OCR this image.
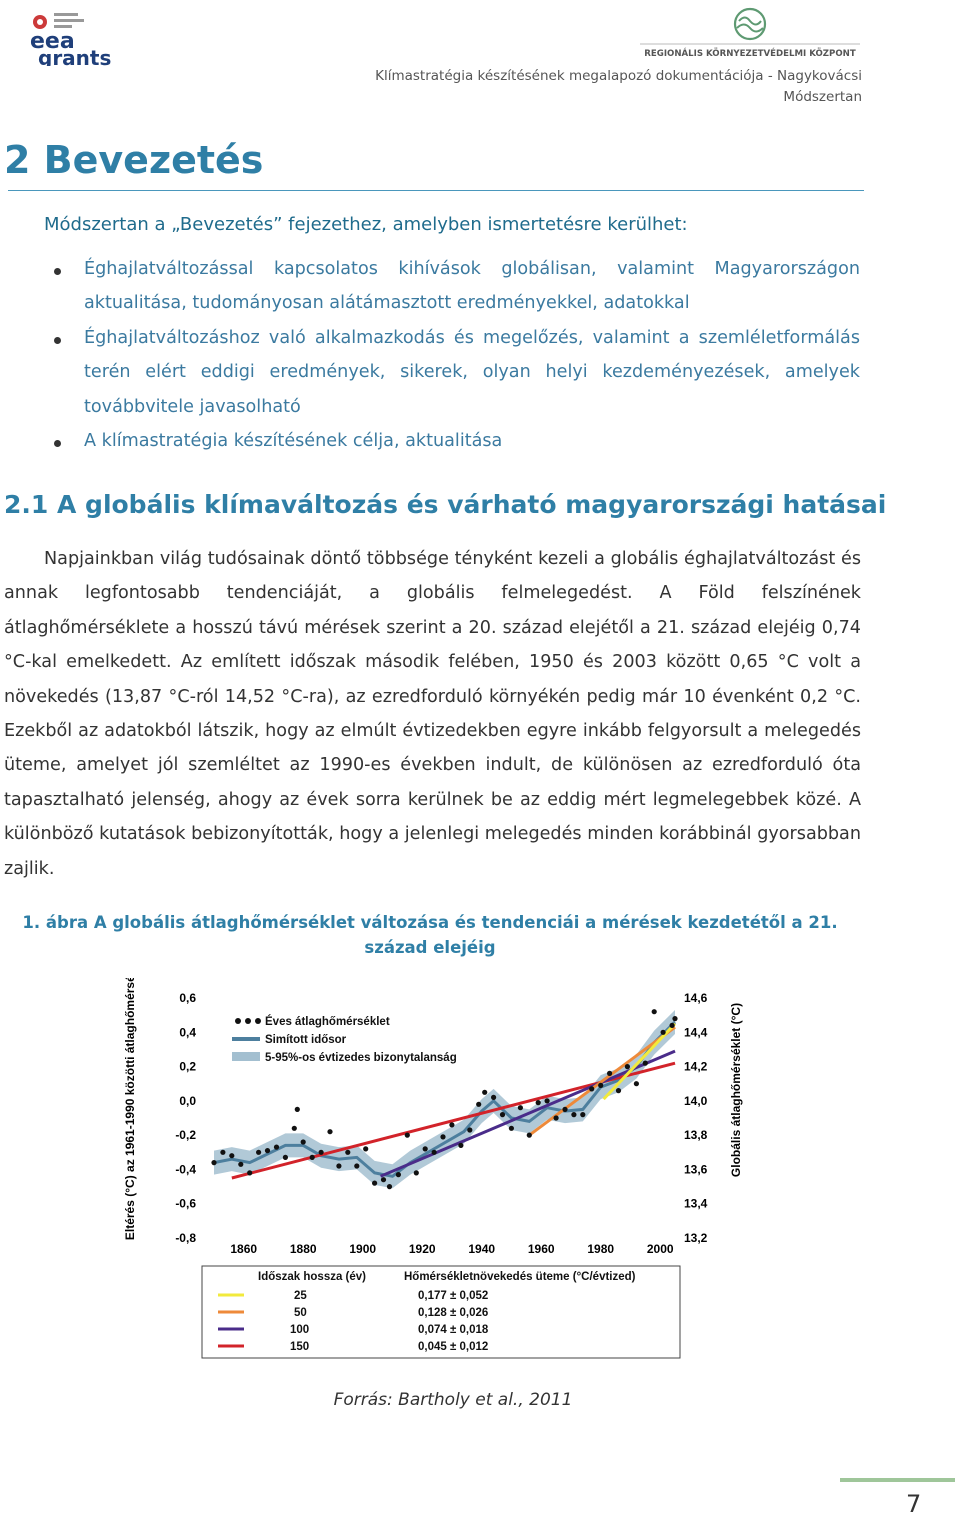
eea
grants	REGIONÁLIS KÖRNYEZETVÉDELMI KÖZPONT
Klímastratégia készítésének megalapozó dokumentációja - Nagykovácsi
Módszertan
2 Bevezetés
Módszertan a „Bevezetés” fejezethez, amelyben ismertetésre kerülhet:
Éghajlatváltozással kapcsolatos kihívások globálisan, valamint Magyarországon aktualitása, tudományosan alátámasztott eredményekkel, adatokkal
Éghajlatváltozáshoz való alkalmazkodás és megelőzés, valamint a szemléletformálás terén elért eddigi eredmények, sikerek, olyan helyi kezdeményezések, amelyek továbbvitele javasolható
A klímastratégia készítésének célja, aktualitása
2.1 A globális klímaváltozás és várható magyarországi hatásai

Napjainkban világ tudósainak döntő többsége tényként kezeli a globális éghajlatváltozást és annak legfontosabb tendenciáját, a globális felmelegedést. A Föld felszínének átlaghőmérséklete a hosszú távú mérések szerint a 20. század elejétől a 21. század elejéig 0,74 °C-kal emelkedett. Az említett időszak második felében, 1950 és 2003 között 0,65 °C volt a növekedés (13,87 °C-ról 14,52 °C-ra), az ezredforduló környékén pedig már 10 évenként 0,2 °C. Ezekből az adatokból látszik, hogy az elmúlt évtizedekben egyre inkább felgyorsult a melegedés üteme, amelyet jól szemléltet az 1990-es években indult, de különösen az ezredforduló óta tapasztalható jelenség, ahogy az évek sorra kerülnek be az eddig mért legmelegebbek közé. A különböző kutatások bebizonyították, hogy a jelenlegi melegedés minden korábbinál gyorsabban zajlik.

1. ábra A globális átlaghőmérséklet változása és tendenciái a mérések kezdetétől a 21. század elejéig
Eltérés (°C) az 1961-1990 közötti átlaghőmérséklettől	Globális átlaghőmérséklet (°C)
0,6
0,4
0,2
0,0
-0,2
-0,4
-0,6
-0,8
14,6
14,4
14,2
14,0
13,8
13,6
13,4
13,2
1860	1880	1900	1920	1940	1960	1980	2000
Éves átlaghőmérséklet
Simított idősor
5-95%-os évtizedes bizonytalanság
Időszak hossza (év)	Hőmérsékletnövekedés üteme (°C/évtized)
25	0,177 ± 0,052
50	0,128 ± 0,026
100	0,074 ± 0,018
150	0,045 ± 0,012
Forrás: Bartholy et al., 2011
7
